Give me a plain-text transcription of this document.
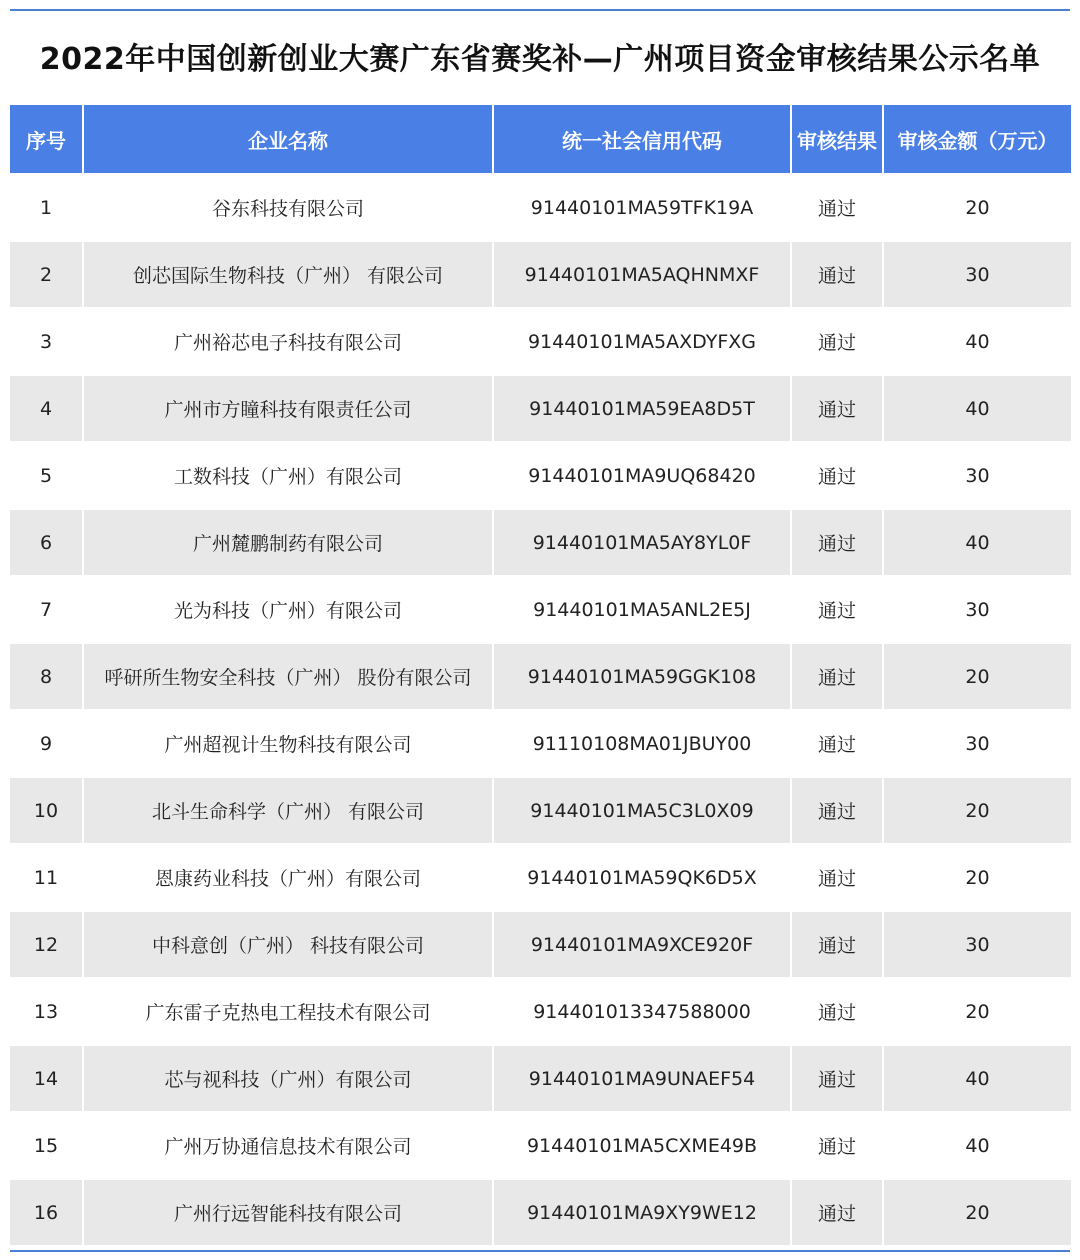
2022年中国创新创业大赛广东省赛奖补—广州项目资金审核结果公示名单
序号	企业名称	统一社会信用代码	审核结果	审核金额（万元）
1	谷东科技有限公司	91440101MA59TFK19A	通过	20
2	创芯国际生物科技（广州） 有限公司	91440101MA5AQHNMXF	通过	30
3	广州裕芯电子科技有限公司	91440101MA5AXDYFXG	通过	40
4	广州市方瞳科技有限责任公司	91440101MA59EA8D5T	通过	40
5	工数科技（广州）有限公司	91440101MA9UQ68420	通过	30
6	广州麓鹏制药有限公司	91440101MA5AY8YL0F	通过	40
7	光为科技（广州）有限公司	91440101MA5ANL2E5J	通过	30
8	呼研所生物安全科技（广州） 股份有限公司	91440101MA59GGK108	通过	20
9	广州超视计生物科技有限公司	91110108MA01JBUY00	通过	30
10	北斗生命科学（广州） 有限公司	91440101MA5C3L0X09	通过	20
11	恩康药业科技（广州）有限公司	91440101MA59QK6D5X	通过	20
12	中科意创（广州） 科技有限公司	91440101MA9XCE920F	通过	30
13	广东雷子克热电工程技术有限公司	914401013347588000	通过	20
14	芯与视科技（广州）有限公司	91440101MA9UNAEF54	通过	40
15	广州万协通信息技术有限公司	91440101MA5CXME49B	通过	40
16	广州行远智能科技有限公司	91440101MA9XY9WE12	通过	20
